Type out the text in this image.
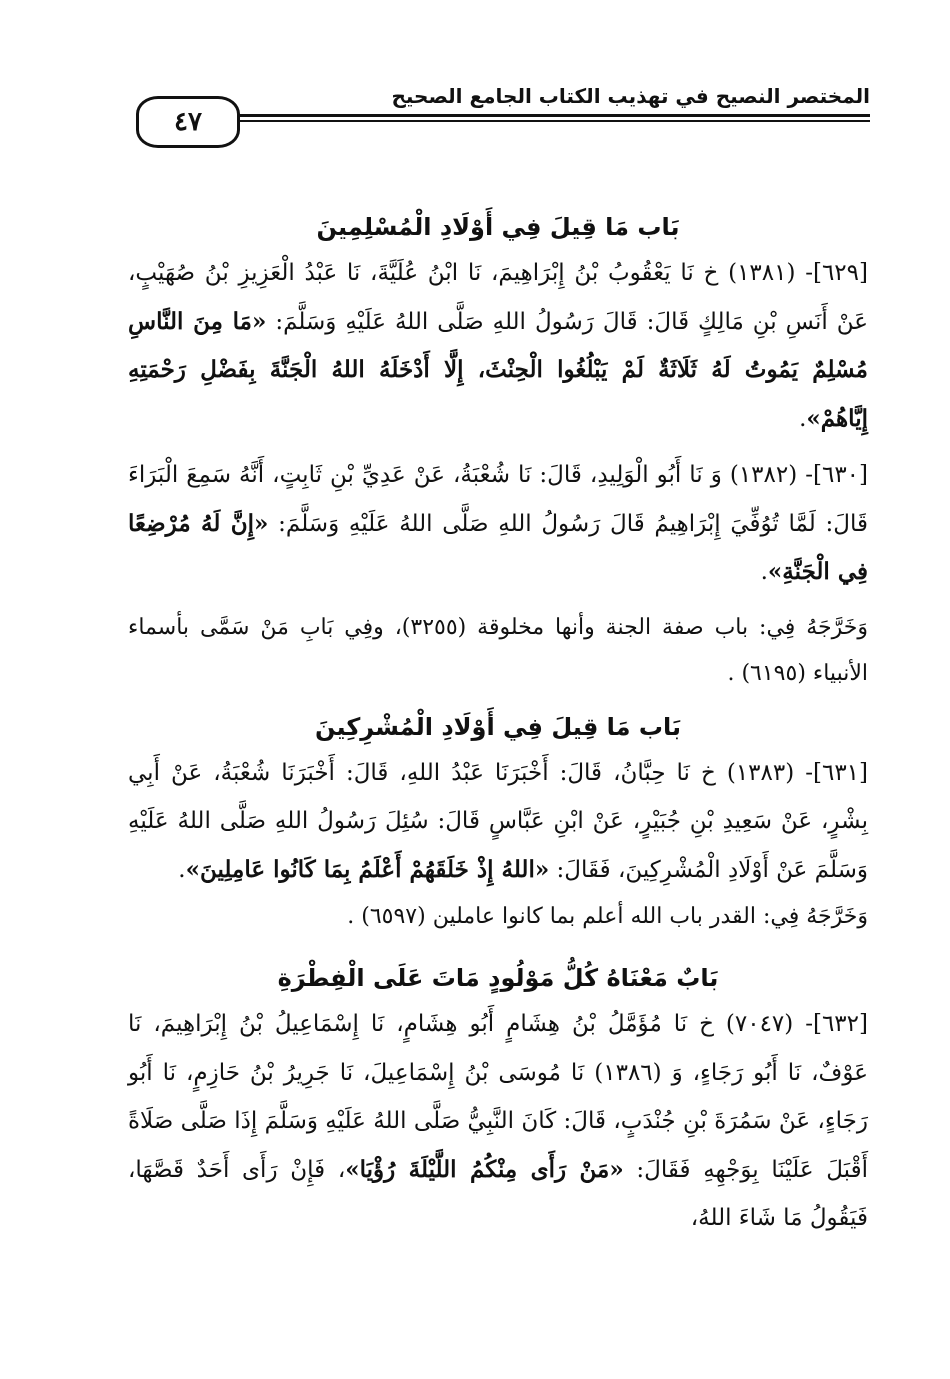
٤٧
المختصر النصيح في تهذيب الكتاب الجامع الصحيح
بَاب مَا قِيلَ فِي أَوْلَادِ الْمُسْلِمِينَ

[٦٢٩]- (١٣٨١) خ نَا يَعْقُوبُ بْنُ إِبْرَاهِيمَ، نَا ابْنُ عُلَيَّةَ، نَا عَبْدُ الْعَزِيزِ بْنُ صُهَيْبٍ، عَنْ أَنَسِ بْنِ مَالِكٍ قَالَ: قَالَ رَسُولُ اللهِ صَلَّى اللهُ عَلَيْهِ وَسَلَّمَ: «مَا مِنَ النَّاسِ مُسْلِمٌ يَمُوتُ لَهُ ثَلَاثَةٌ لَمْ يَبْلُغُوا الْحِنْثَ، إِلَّا أَدْخَلَهُ اللهُ الْجَنَّةَ بِفَضْلِ رَحْمَتِهِ إِيَّاهُمْ».

[٦٣٠]- (١٣٨٢) وَ نَا أَبُو الْوَلِيدِ، قَالَ: نَا شُعْبَةُ، عَنْ عَدِيِّ بْنِ ثَابِتٍ، أَنَّهُ سَمِعَ الْبَرَاءَ قَالَ: لَمَّا تُوُفِّيَ إِبْرَاهِيمُ قَالَ رَسُولُ اللهِ صَلَّى اللهُ عَلَيْهِ وَسَلَّمَ: «إِنَّ لَهُ مُرْضِعًا فِي الْجَنَّةِ».

وَخَرَّجَهُ فِي: باب صفة الجنة وأنها مخلوقة (٣٢٥٥)، وفِي بَابِ مَنْ سَمَّى بأسماء الأنبياء (٦١٩٥) .

بَاب مَا قِيلَ فِي أَوْلَادِ الْمُشْرِكِينَ

[٦٣١]- (١٣٨٣) خ نَا حِبَّانُ، قَالَ: أَخْبَرَنَا عَبْدُ اللهِ، قَالَ: أَخْبَرَنَا شُعْبَةُ، عَنْ أَبِي بِشْرٍ، عَنْ سَعِيدِ بْنِ جُبَيْرٍ، عَنْ ابْنِ عَبَّاسٍ قَالَ: سُئِلَ رَسُولُ اللهِ صَلَّى اللهُ عَلَيْهِ وَسَلَّمَ عَنْ أَوْلَادِ الْمُشْرِكِينَ، فَقَالَ: «اللهُ إِذْ خَلَقَهُمْ أَعْلَمُ بِمَا كَانُوا عَامِلِينَ».

وَخَرَّجَهُ فِي: القدر باب الله أعلم بما كانوا عاملين (٦٥٩٧) .

بَابٌ مَعْنَاهُ كُلُّ مَوْلُودٍ مَاتَ عَلَى الْفِطْرَةِ

[٦٣٢]- (٧٠٤٧) خ نَا مُؤَمَّلُ بْنُ هِشَامٍ أَبُو هِشَامٍ، نَا إِسْمَاعِيلُ بْنُ إِبْرَاهِيمَ، نَا عَوْفٌ، نَا أَبُو رَجَاءٍ، وَ (١٣٨٦) نَا مُوسَى بْنُ إِسْمَاعِيلَ، نَا جَرِيرُ بْنُ حَازِمٍ، نَا أَبُو رَجَاءٍ، عَنْ سَمُرَةَ بْنِ جُنْدَبٍ، قَالَ: كَانَ النَّبِيُّ صَلَّى اللهُ عَلَيْهِ وَسَلَّمَ إِذَا صَلَّى صَلَاةً أَقْبَلَ عَلَيْنَا بِوَجْهِهِ فَقَالَ: «مَنْ رَأَى مِنْكُمُ اللَّيْلَةَ رُؤْيَا»، فَإِنْ رَأَى أَحَدٌ قَصَّهَا، فَيَقُولُ مَا شَاءَ اللهُ،
